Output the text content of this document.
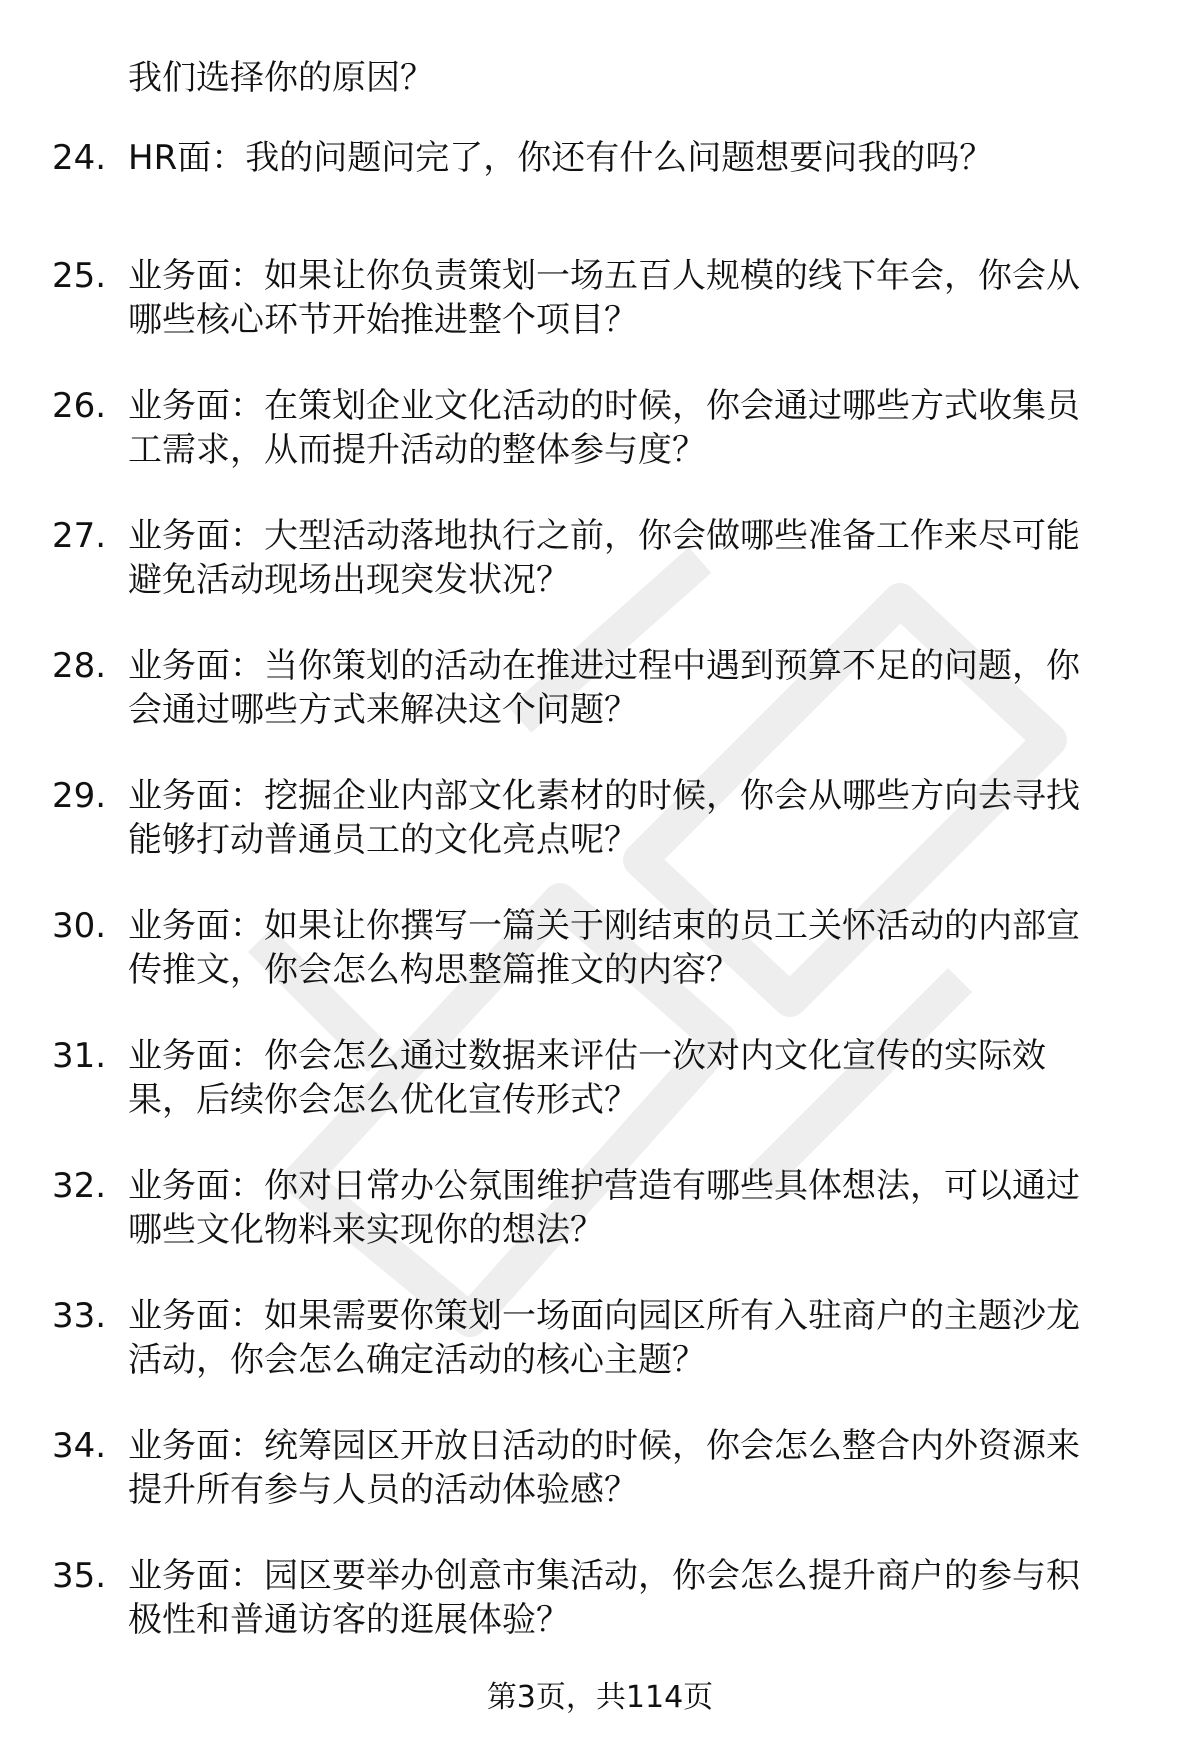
我们选择你的原因？
24. HR面：我的问题问完了，你还有什么问题想要问我的吗？
25. 业务面：如果让你负责策划一场五百人规模的线下年会，你会从
哪些核心环节开始推进整个项目？
26. 业务面：在策划企业文化活动的时候，你会通过哪些方式收集员
工需求，从而提升活动的整体参与度？
27. 业务面：大型活动落地执行之前，你会做哪些准备工作来尽可能
避免活动现场出现突发状况？
28. 业务面：当你策划的活动在推进过程中遇到预算不足的问题，你
会通过哪些方式来解决这个问题？
29. 业务面：挖掘企业内部文化素材的时候，你会从哪些方向去寻找
能够打动普通员工的文化亮点呢？
30. 业务面：如果让你撰写一篇关于刚结束的员工关怀活动的内部宣
传推文，你会怎么构思整篇推文的内容？
31. 业务面：你会怎么通过数据来评估一次对内文化宣传的实际效
果，后续你会怎么优化宣传形式？
32. 业务面：你对日常办公氛围维护营造有哪些具体想法，可以通过
哪些文化物料来实现你的想法？
33. 业务面：如果需要你策划一场面向园区所有入驻商户的主题沙龙
活动，你会怎么确定活动的核心主题？
34. 业务面：统筹园区开放日活动的时候，你会怎么整合内外资源来
提升所有参与人员的活动体验感？
35. 业务面：园区要举办创意市集活动，你会怎么提升商户的参与积
极性和普通访客的逛展体验？
第3页，共114页
